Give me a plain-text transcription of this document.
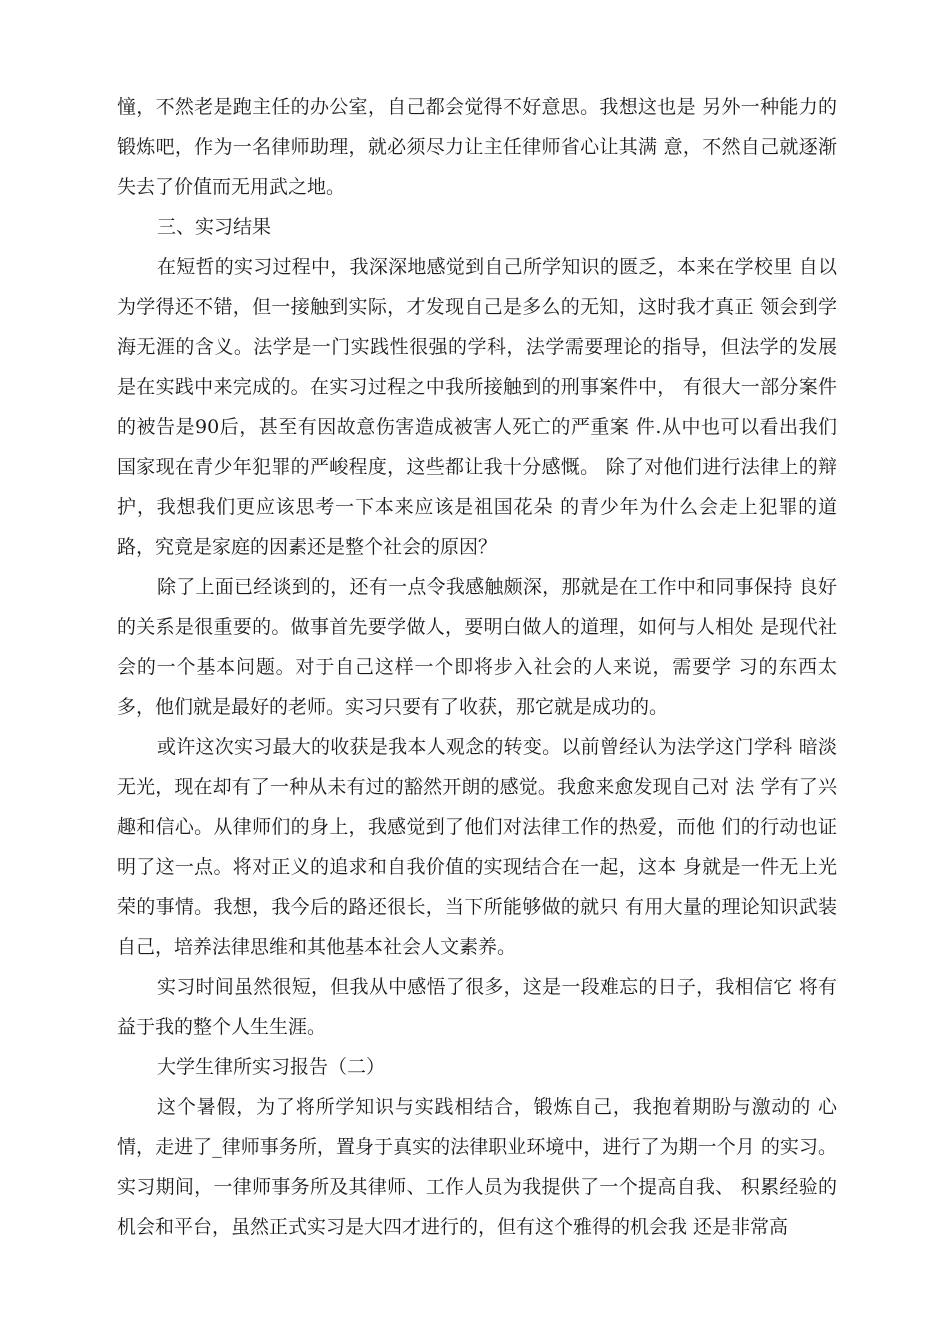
憧，不然老是跑主任的办公室，自己都会觉得不好意思。我想这也是 另外一种能力的锻炼吧，作为一名律师助理，就必须尽力让主任律师省心让其满 意，不然自己就逐渐失去了价值而无用武之地。

三、实习结果

在短哲的实习过程中，我深深地感觉到自己所学知识的匮乏，本来在学校里 自以为学得还不错，但一接触到实际，才发现自己是多么的无知，这时我才真正 领会到学海无涯的含义。法学是一门实践性很强的学科，法学需要理论的指导，但法学的发展是在实践中来完成的。在实习过程之中我所接触到的刑事案件中， 有很大一部分案件的被告是90后，甚至有因故意伤害造成被害人死亡的严重案 件.从中也可以看出我们国家现在青少年犯罪的严峻程度，这些都让我十分感慨。 除了对他们进行法律上的辩护，我想我们更应该思考一下本来应该是祖国花朵 的青少年为什么会走上犯罪的道路，究竟是家庭的因素还是整个社会的原因？

除了上面已经谈到的，还有一点令我感触颇深，那就是在工作中和同事保持 良好的关系是很重要的。做事首先要学做人，要明白做人的道理，如何与人相处 是现代社会的一个基本问题。对于自己这样一个即将步入社会的人来说，需要学 习的东西太多，他们就是最好的老师。实习只要有了收获，那它就是成功的。

或许这次实习最大的收获是我本人观念的转变。以前曾经认为法学这门学科 暗淡无光，现在却有了一种从未有过的豁然开朗的感觉。我愈来愈发现自己对 法 学有了兴趣和信心。从律师们的身上，我感觉到了他们对法律工作的热爱，而他 们的行动也证明了这一点。将对正义的追求和自我价值的实现结合在一起，这本 身就是一件无上光荣的事情。我想，我今后的路还很长，当下所能够做的就只 有用大量的理论知识武装自己，培养法律思维和其他基本社会人文素养。

实习时间虽然很短，但我从中感悟了很多，这是一段难忘的日子，我相信它 将有益于我的整个人生生涯。

大学生律所实习报告（二）

这个暑假，为了将所学知识与实践相结合，锻炼自己，我抱着期盼与激动的 心情，走进了_律师事务所，置身于真实的法律职业环境中，进行了为期一个月 的实习。实习期间，一律师事务所及其律师、工作人员为我提供了一个提高自我、 积累经验的机会和平台，虽然正式实习是大四才进行的，但有这个雅得的机会我 还是非常高
